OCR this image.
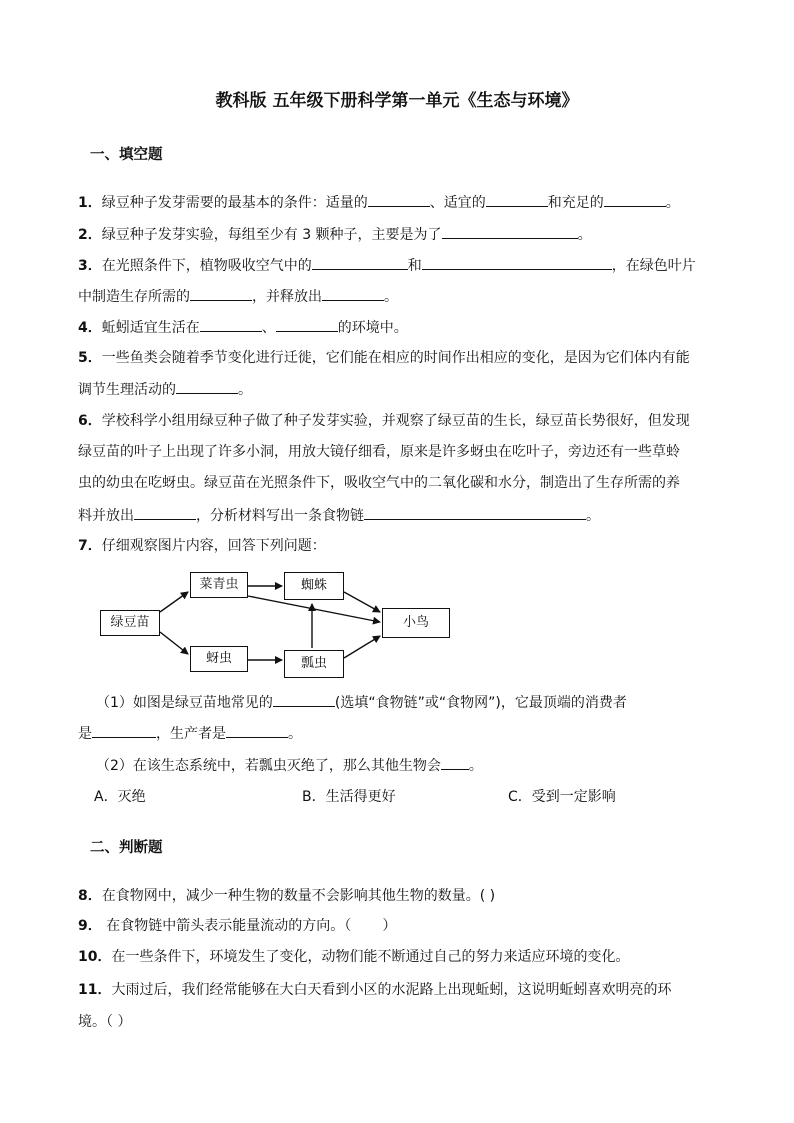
教科版 五年级下册科学第一单元《生态与环境》
一、填空题
1．绿豆种子发芽需要的最基本的条件：适量的	、适宜的	和充足的	。
2．绿豆种子发芽实验，每组至少有 3 颗种子，主要是为了	。
3．在光照条件下，植物吸收空气中的	和	，在绿色叶片
中制造生存所需的	，并释放出	。
4．蚯蚓适宜生活在	、	的环境中。
5．一些鱼类会随着季节变化进行迁徙，它们能在相应的时间作出相应的变化，是因为它们体内有能
调节生理活动的	。
6．学校科学小组用绿豆种子做了种子发芽实验，并观察了绿豆苗的生长，绿豆苗长势很好，但发现
绿豆苗的叶子上出现了许多小洞，用放大镜仔细看，原来是许多蚜虫在吃叶子，旁边还有一些草蛉
虫的幼虫在吃蚜虫。绿豆苗在光照条件下，吸收空气中的二氧化碳和水分，制造出了生存所需的养
料并放出	，分析材料写出一条食物链	。
7．仔细观察图片内容，回答下列问题：
绿豆苗
菜青虫	蜘蛛
小鸟
蚜虫	瓢虫
（1）如图是绿豆苗地常见的	(选填“食物链”或“食物网”)，它最顶端的消费者
是	，生产者是	。
（2）在该生态系统中，若瓢虫灭绝了，那么其他生物会 。
A．灭绝	B．生活得更好	C．受到一定影响
二、判断题
8．在食物网中，减少一种生物的数量不会影响其他生物的数量。( )
9． 在食物链中箭头表示能量流动的方向。（       ）
10．在一些条件下，环境发生了变化，动物们能不断通过自己的努力来适应环境的变化。
11．大雨过后，我们经常能够在大白天看到小区的水泥路上出现蚯蚓，这说明蚯蚓喜欢明亮的环
境。（ ）
